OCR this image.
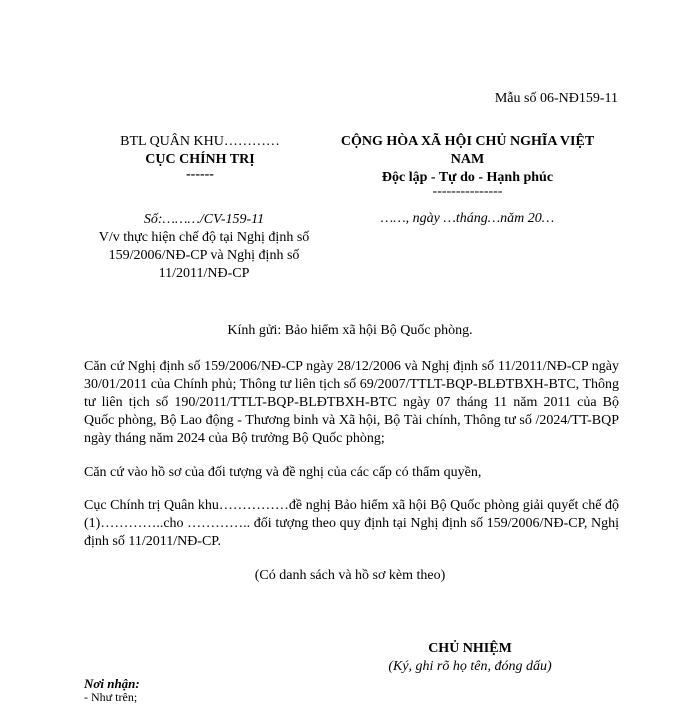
Mẫu số 06-NĐ159-11
BTL QUÂN KHU…………
CỤC CHÍNH TRỊ
------
CỘNG HÒA XÃ HỘI CHỦ NGHĨA VIỆT NAM
Độc lập - Tự do - Hạnh phúc
---------------
Số:………/CV-159-11
V/v thực hiện chế độ tại Nghị định số 159/2006/NĐ-CP và Nghị định số 11/2011/NĐ-CP
……, ngày …tháng…năm 20…
Kính gửi: Bảo hiểm xã hội Bộ Quốc phòng.
Căn cứ Nghị định số 159/2006/NĐ-CP ngày 28/12/2006 và Nghị định số 11/2011/NĐ-CP ngày 30/01/2011 của Chính phủ; Thông tư liên tịch số 69/2007/TTLT-BQP-BLĐTBXH-BTC, Thông tư liên tịch số 190/2011/TTLT-BQP-BLĐTBXH-BTC ngày 07 tháng 11 năm 2011 của Bộ Quốc phòng, Bộ Lao động - Thương binh và Xã hội, Bộ Tài chính, Thông tư số /2024/TT-BQP ngày tháng năm 2024 của Bộ trưởng Bộ Quốc phòng;
Căn cứ vào hồ sơ của đối tượng và đề nghị của các cấp có thẩm quyền,
Cục Chính trị Quân khu……………đề nghị Bảo hiểm xã hội Bộ Quốc phòng giải quyết chế độ (1)…………..cho ………….. đối tượng theo quy định tại Nghị định số 159/2006/NĐ-CP, Nghị định số 11/2011/NĐ-CP.
(Có danh sách và hồ sơ kèm theo)
CHỦ NHIỆM
(Ký, ghi rõ họ tên, đóng dấu)
Nơi nhận:
- Như trên;
